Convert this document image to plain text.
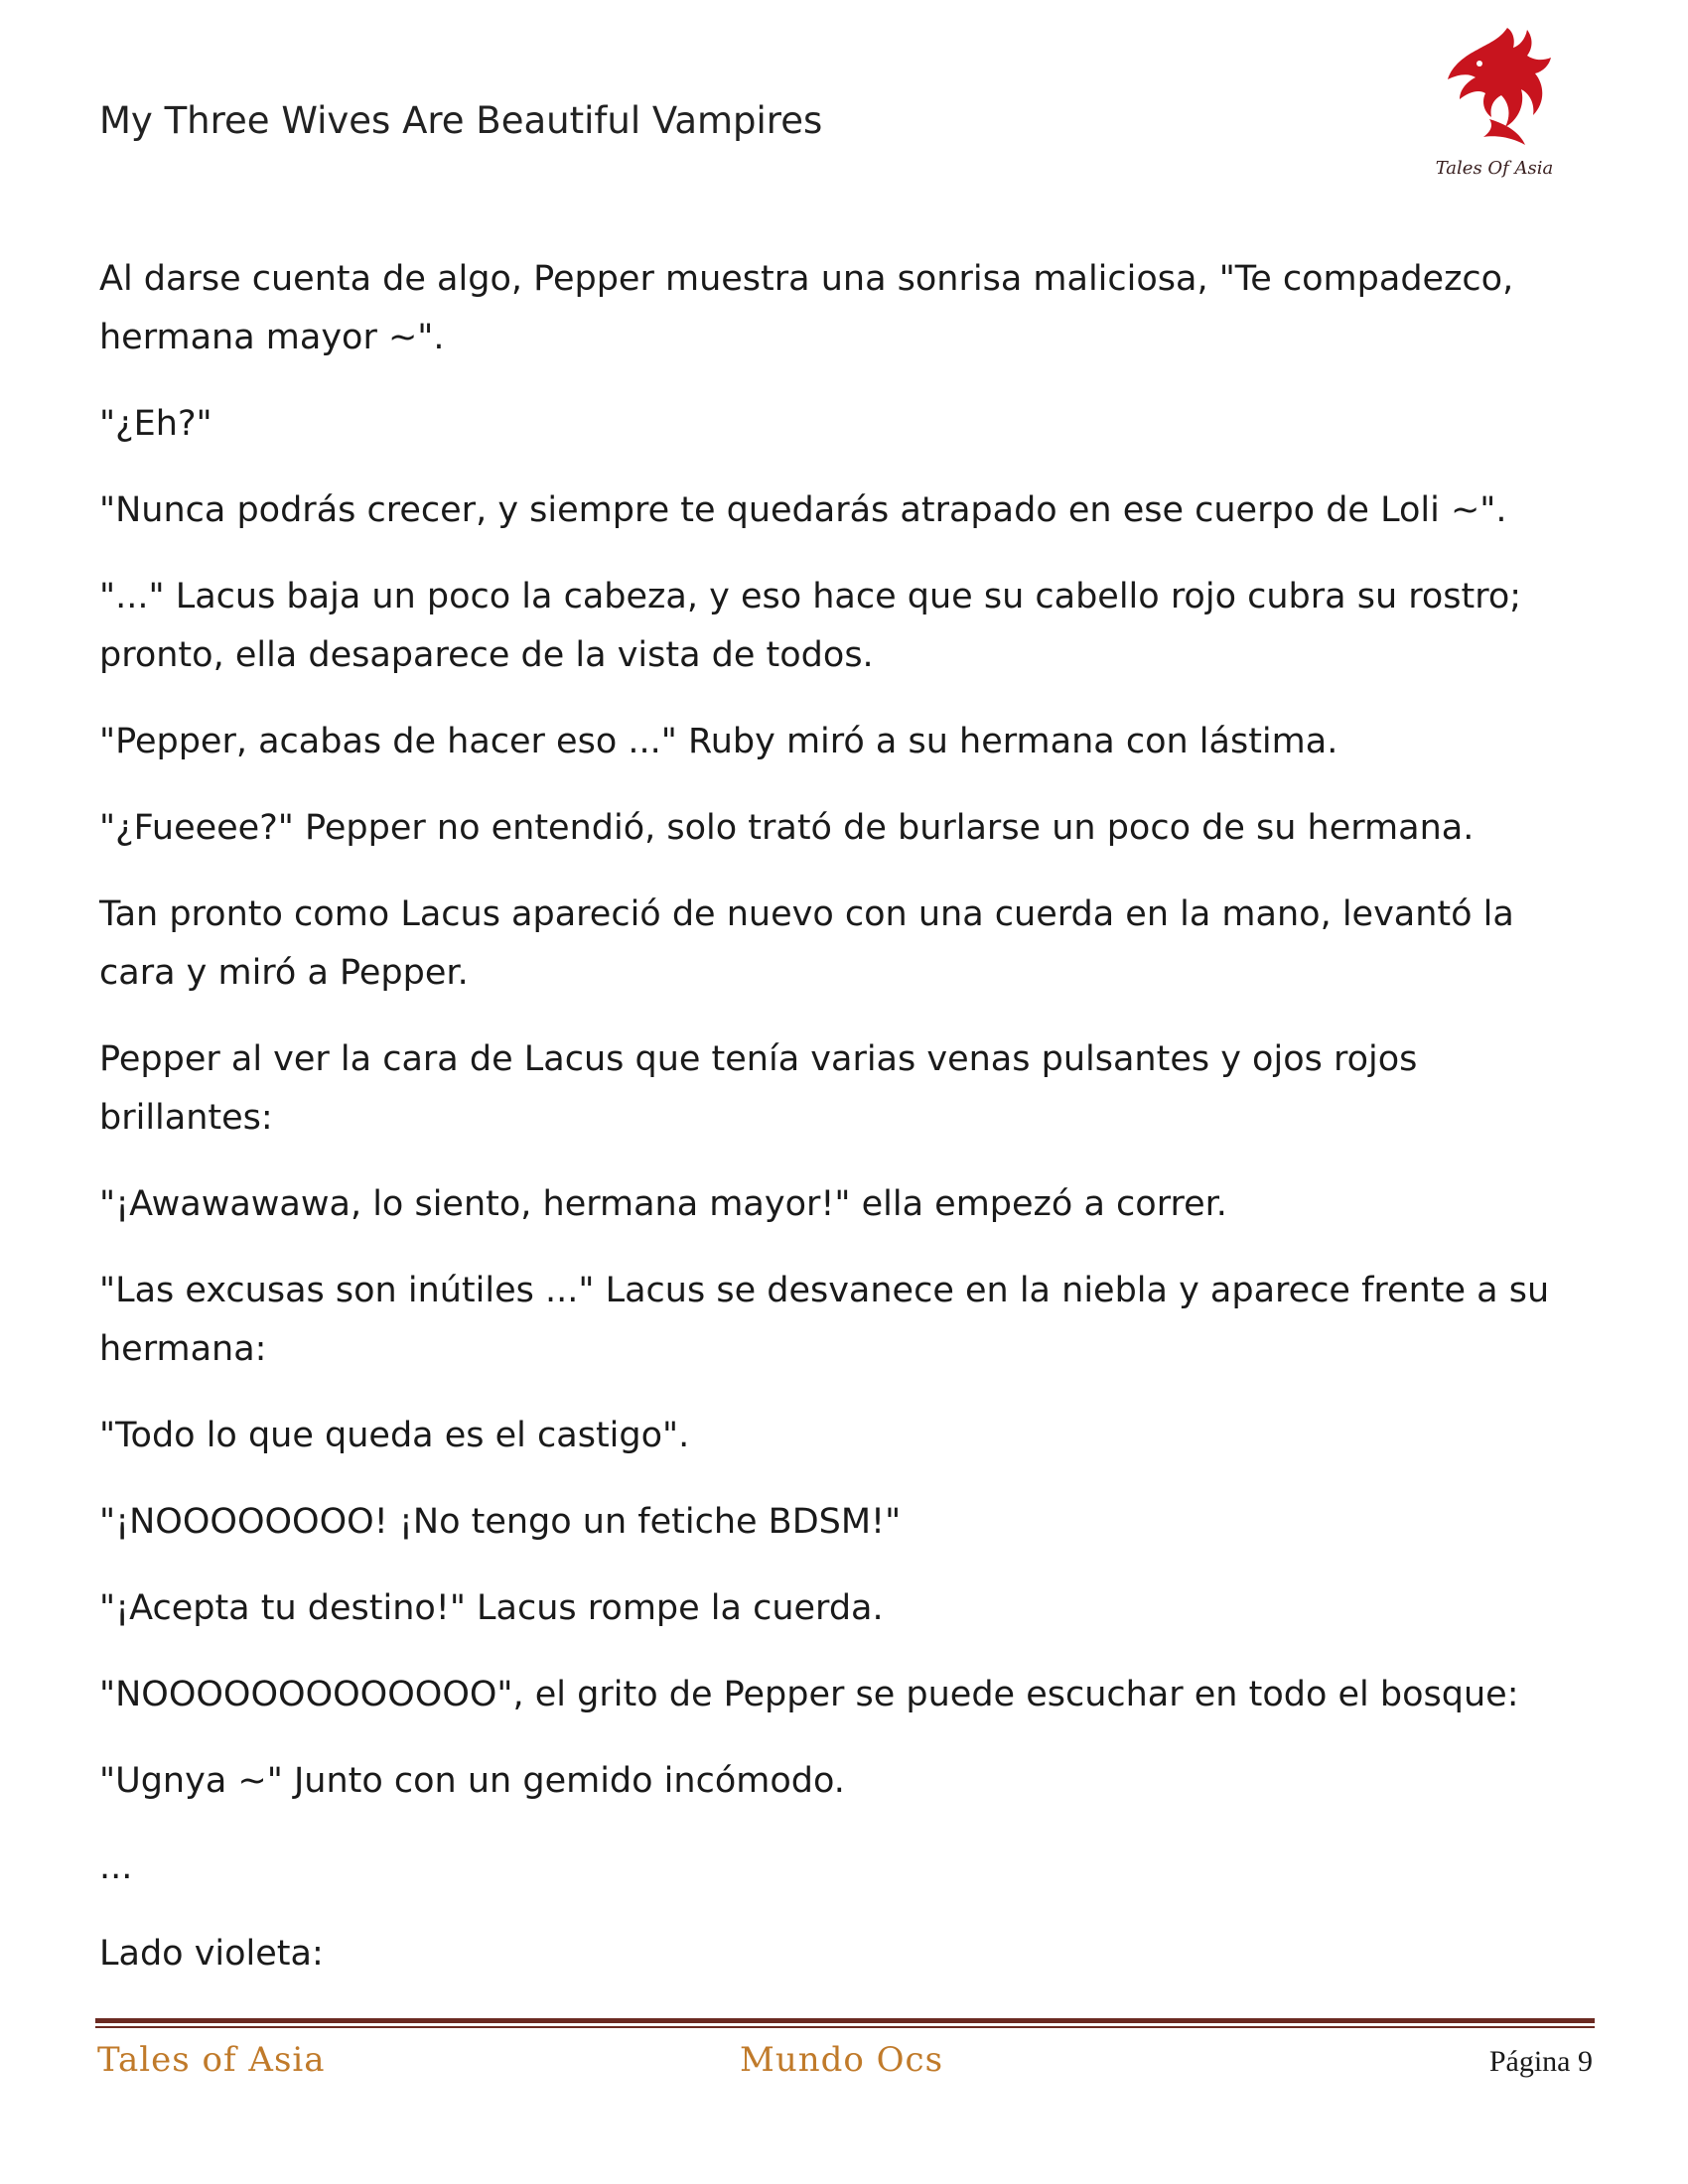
My Three Wives Are Beautiful Vampires
Tales Of Asia

Al darse cuenta de algo, Pepper muestra una sonrisa maliciosa, "Te compadezco, hermana mayor ~".

"¿Eh?"

"Nunca podrás crecer, y siempre te quedarás atrapado en ese cuerpo de Loli ~".

"..." Lacus baja un poco la cabeza, y eso hace que su cabello rojo cubra su rostro; pronto, ella desaparece de la vista de todos.

"Pepper, acabas de hacer eso ..." Ruby miró a su hermana con lástima.

"¿Fueeee?" Pepper no entendió, solo trató de burlarse un poco de su hermana.

Tan pronto como Lacus apareció de nuevo con una cuerda en la mano, levantó la cara y miró a Pepper.

Pepper al ver la cara de Lacus que tenía varias venas pulsantes y ojos rojos brillantes:

"¡Awawawawa, lo siento, hermana mayor!" ella empezó a correr.

"Las excusas son inútiles ..." Lacus se desvanece en la niebla y aparece frente a su hermana:

"Todo lo que queda es el castigo".

"¡NOOOOOOOO! ¡No tengo un fetiche BDSM!"

"¡Acepta tu destino!" Lacus rompe la cuerda.

"NOOOOOOOOOOOOO", el grito de Pepper se puede escuchar en todo el bosque:

"Ugnya ~" Junto con un gemido incómodo.

...

Lado violeta:

Tales of Asia	Mundo Ocs	Página 9
